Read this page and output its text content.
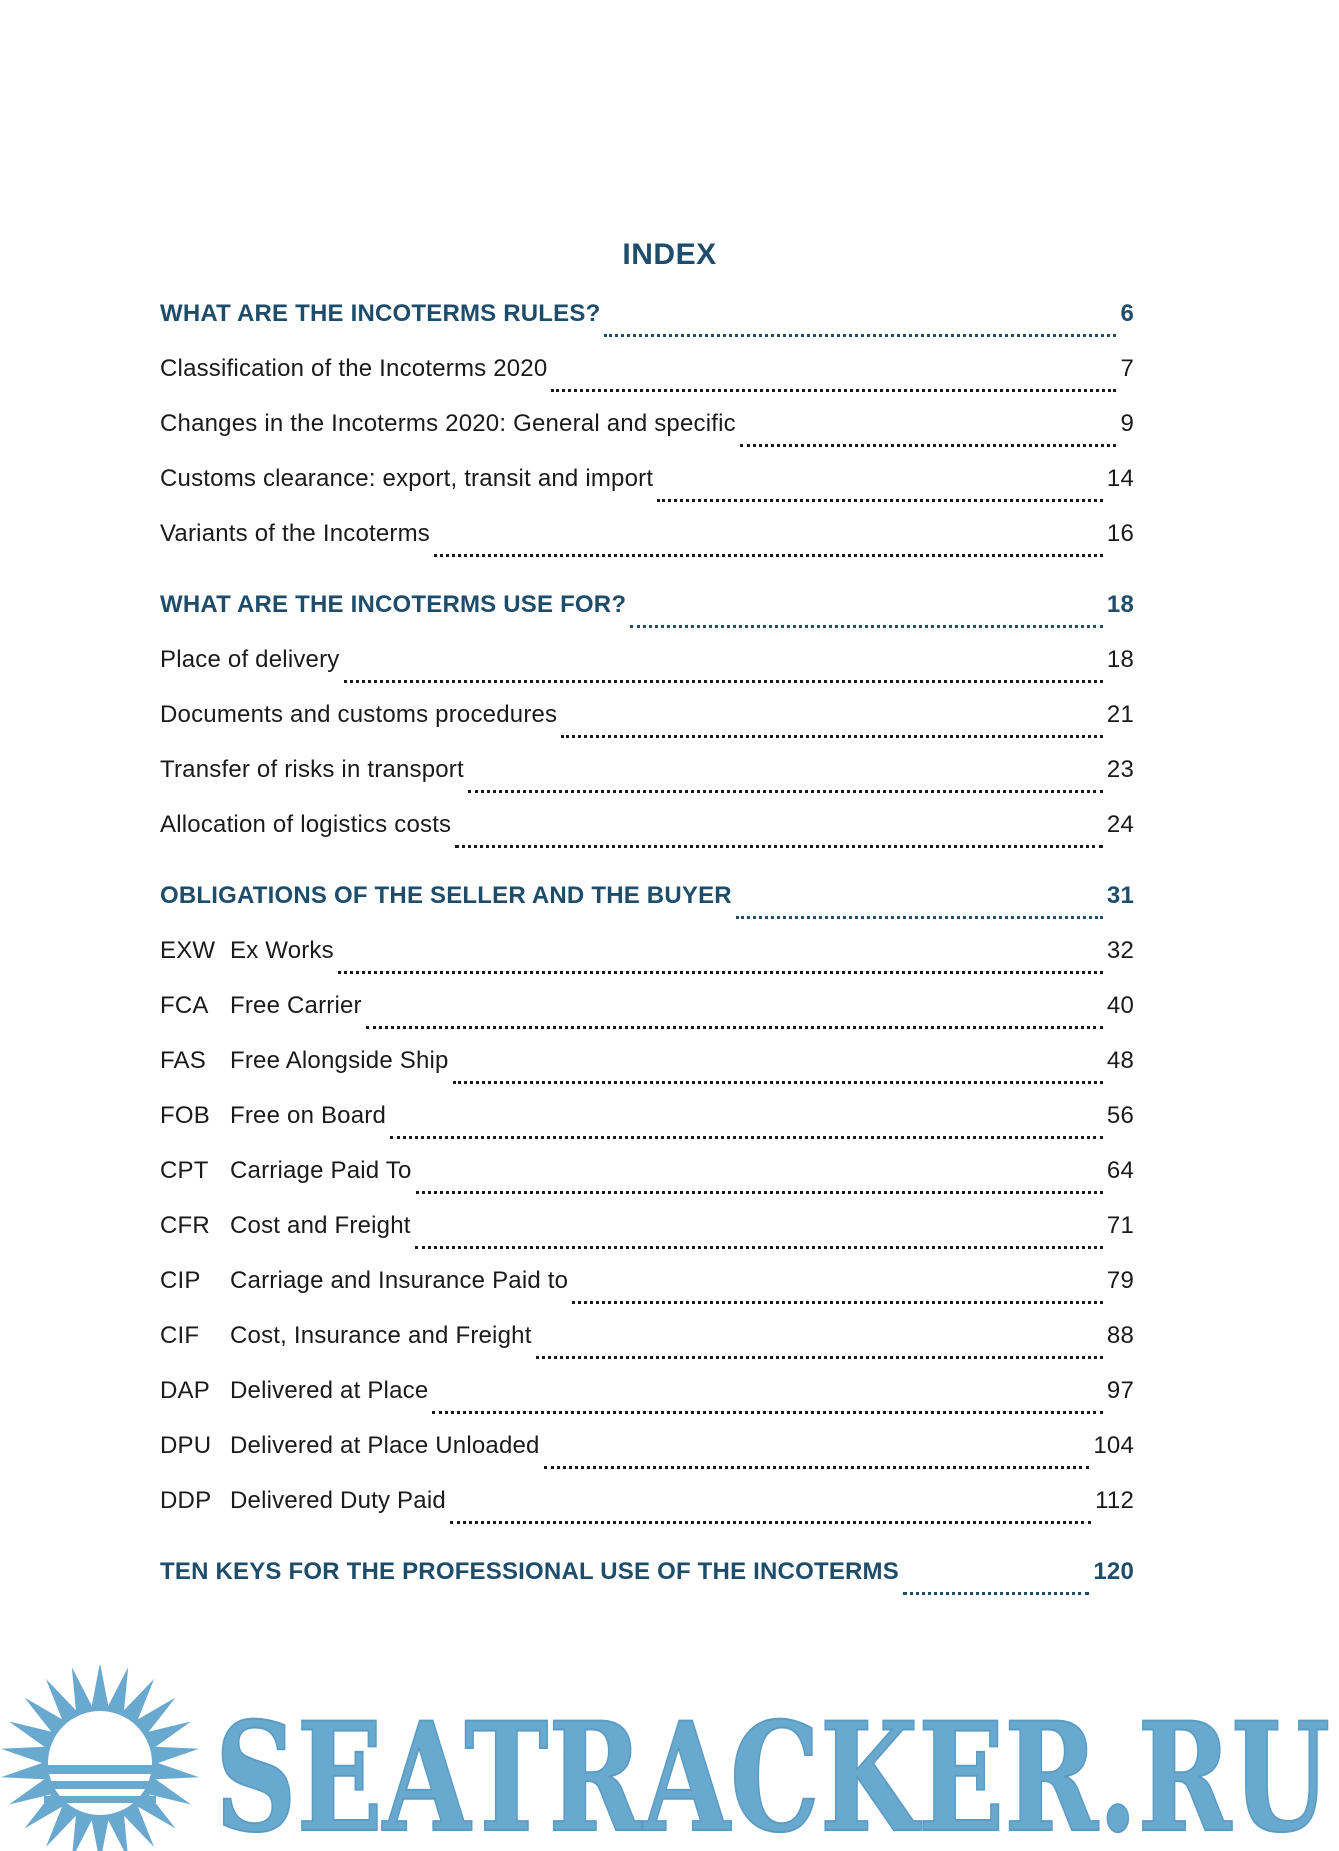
INDEX
WHAT ARE THE INCOTERMS RULES?	6
Classification of the Incoterms 2020	7
Changes in the Incoterms 2020: General and specific	9
Customs clearance: export, transit and import	14
Variants of the Incoterms	16
WHAT ARE THE INCOTERMS USE FOR?	18
Place of delivery	18
Documents and customs procedures	21
Transfer of risks in transport	23
Allocation of logistics costs	24
OBLIGATIONS OF THE SELLER AND THE BUYER	31
EXW Ex Works	32
FCA Free Carrier	40
FAS	Free Alongside Ship	48
FOB Free on Board	56
CPT Carriage Paid To	64
CFR Cost and Freight	71
CIP	Carriage and Insurance Paid to	79
CIF	Cost, Insurance and Freight	88
DAP Delivered at Place	97
DPU Delivered at Place Unloaded	104
DDP Delivered Duty Paid	112
TEN KEYS FOR THE PROFESSIONAL USE OF THE INCOTERMS	120
SEATRACKER.RU
